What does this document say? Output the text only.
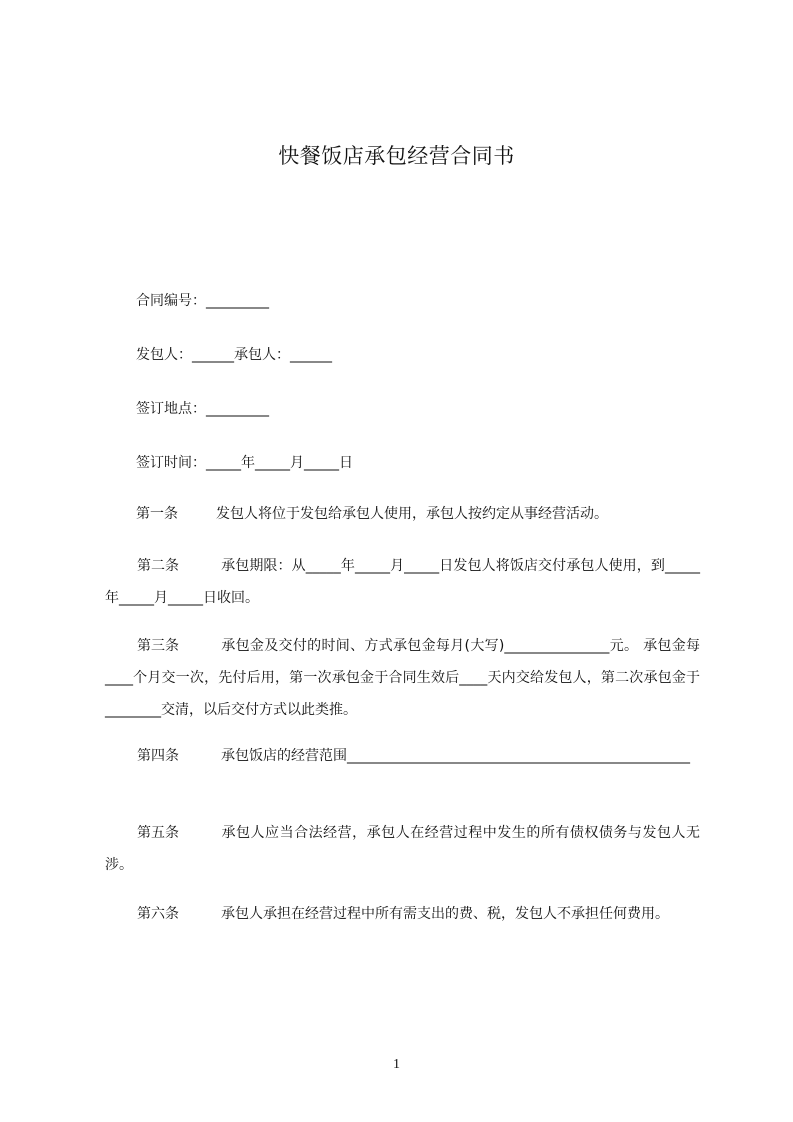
快餐饭店承包经营合同书
合同编号：_________
发包人：______承包人：______
签订地点：_________
签订时间：_____年_____月_____日

第一条	发包人将位于发包给承包人使用，承包人按约定从事经营活动。

第二条	承包期限：从_____年_____月_____日发包人将饭店交付承包人使用，到_____年_____月_____日收回。

第三条	承包金及交付的时间、方式承包金每月(大写)_______________元。 承包金每____个月交一次，先付后用，第一次承包金于合同生效后____天内交给发包人，第二次承包金于________交清，以后交付方式以此类推。

第四条	承包饭店的经营范围_________________________________________________

第五条	承包人应当合法经营，承包人在经营过程中发生的所有债权债务与发包人无涉。

第六条	承包人承担在经营过程中所有需支出的费、税，发包人不承担任何费用。

1
